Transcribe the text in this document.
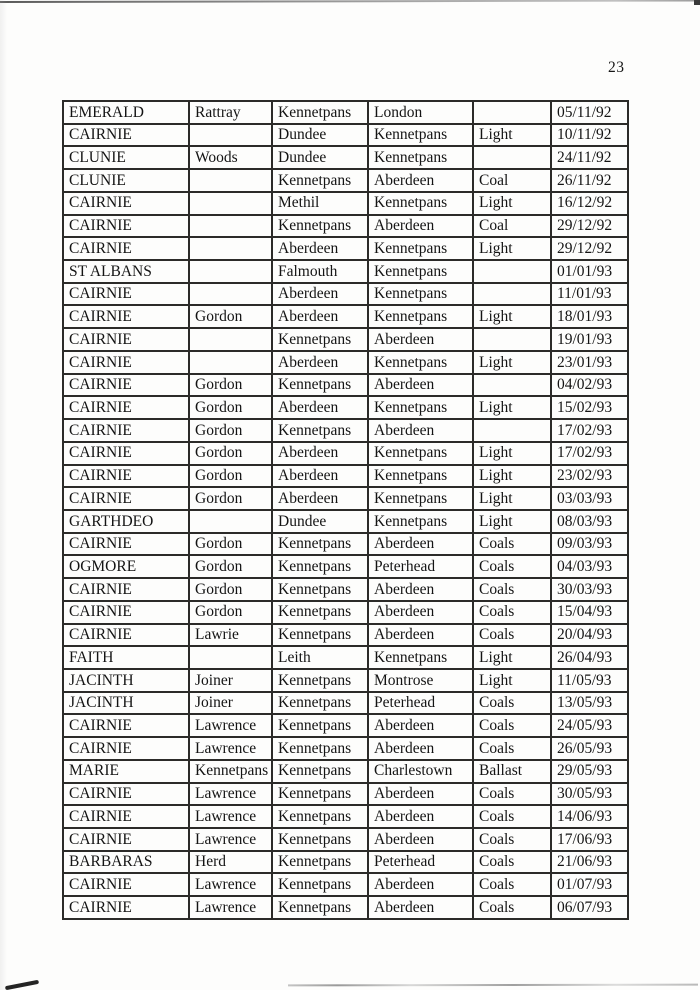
23
EMERALD	Rattray	Kennetpans	London		05/11/92
CAIRNIE		Dundee	Kennetpans	Light	10/11/92
CLUNIE	Woods	Dundee	Kennetpans		24/11/92
CLUNIE		Kennetpans	Aberdeen	Coal	26/11/92
CAIRNIE		Methil	Kennetpans	Light	16/12/92
CAIRNIE		Kennetpans	Aberdeen	Coal	29/12/92
CAIRNIE		Aberdeen	Kennetpans	Light	29/12/92
ST ALBANS		Falmouth	Kennetpans		01/01/93
CAIRNIE		Aberdeen	Kennetpans		11/01/93
CAIRNIE	Gordon	Aberdeen	Kennetpans	Light	18/01/93
CAIRNIE		Kennetpans	Aberdeen		19/01/93
CAIRNIE		Aberdeen	Kennetpans	Light	23/01/93
CAIRNIE	Gordon	Kennetpans	Aberdeen		04/02/93
CAIRNIE	Gordon	Aberdeen	Kennetpans	Light	15/02/93
CAIRNIE	Gordon	Kennetpans	Aberdeen		17/02/93
CAIRNIE	Gordon	Aberdeen	Kennetpans	Light	17/02/93
CAIRNIE	Gordon	Aberdeen	Kennetpans	Light	23/02/93
CAIRNIE	Gordon	Aberdeen	Kennetpans	Light	03/03/93
GARTHDEO		Dundee	Kennetpans	Light	08/03/93
CAIRNIE	Gordon	Kennetpans	Aberdeen	Coals	09/03/93
OGMORE	Gordon	Kennetpans	Peterhead	Coals	04/03/93
CAIRNIE	Gordon	Kennetpans	Aberdeen	Coals	30/03/93
CAIRNIE	Gordon	Kennetpans	Aberdeen	Coals	15/04/93
CAIRNIE	Lawrie	Kennetpans	Aberdeen	Coals	20/04/93
FAITH		Leith	Kennetpans	Light	26/04/93
JACINTH	Joiner	Kennetpans	Montrose	Light	11/05/93
JACINTH	Joiner	Kennetpans	Peterhead	Coals	13/05/93
CAIRNIE	Lawrence	Kennetpans	Aberdeen	Coals	24/05/93
CAIRNIE	Lawrence	Kennetpans	Aberdeen	Coals	26/05/93
MARIE	Kennetpans	Kennetpans	Charlestown	Ballast	29/05/93
CAIRNIE	Lawrence	Kennetpans	Aberdeen	Coals	30/05/93
CAIRNIE	Lawrence	Kennetpans	Aberdeen	Coals	14/06/93
CAIRNIE	Lawrence	Kennetpans	Aberdeen	Coals	17/06/93
BARBARAS	Herd	Kennetpans	Peterhead	Coals	21/06/93
CAIRNIE	Lawrence	Kennetpans	Aberdeen	Coals	01/07/93
CAIRNIE	Lawrence	Kennetpans	Aberdeen	Coals	06/07/93
